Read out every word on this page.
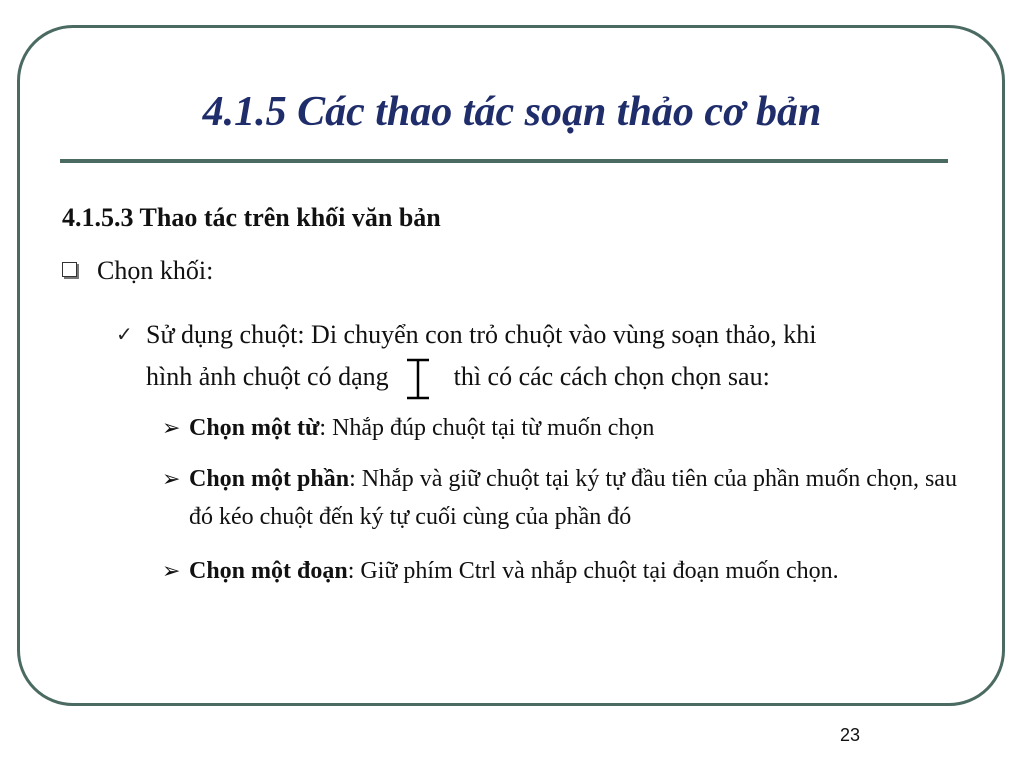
4.1.5 Các thao tác soạn thảo cơ bản
4.1.5.3 Thao tác trên khối văn bản
Chọn khối:
✓ Sử dụng chuột: Di chuyển con trỏ chuột vào vùng soạn thảo, khi
hình ảnh chuột có dạng	thì có các cách chọn chọn sau:
➢ Chọn một từ: Nhắp đúp chuột tại từ muốn chọn
➢ Chọn một phần: Nhắp và giữ chuột tại ký tự đầu tiên của phần muốn chọn, sau đó kéo chuột đến ký tự cuối cùng của phần đó
➢ Chọn một đoạn: Giữ phím Ctrl và nhắp chuột tại đoạn muốn chọn.
23
